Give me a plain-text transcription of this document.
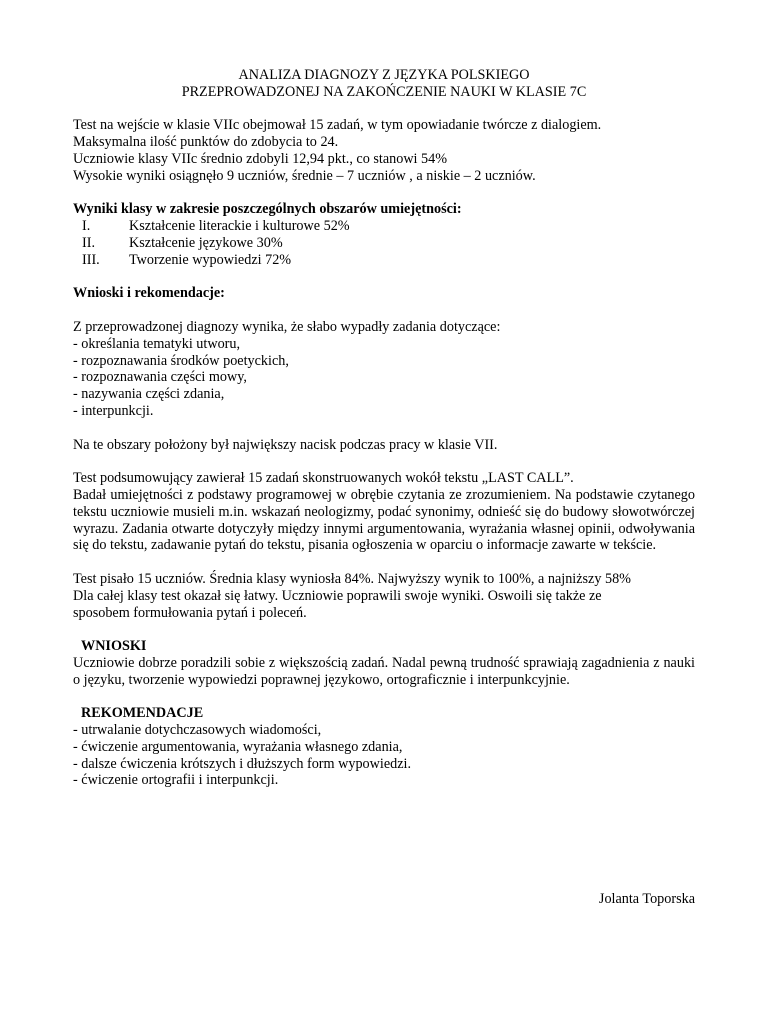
ANALIZA DIAGNOZY Z JĘZYKA POLSKIEGO
PRZEPROWADZONEJ NA ZAKOŃCZENIE NAUKI W KLASIE 7C

Test na wejście w klasie VIIc obejmował 15 zadań, w tym opowiadanie twórcze z dialogiem.

Maksymalna ilość punktów do zdobycia to 24.

Uczniowie klasy VIIc średnio zdobyli 12,94 pkt., co stanowi 54%

Wysokie wyniki osiągnęło 9 uczniów, średnie – 7 uczniów , a niskie – 2 uczniów.

Wyniki klasy w zakresie poszczególnych obszarów umiejętności:

I.	Kształcenie literackie i kulturowe 52%
II.	Kształcenie językowe 30%
III.	Tworzenie wypowiedzi 72%

Wnioski i rekomendacje:

Z przeprowadzonej diagnozy wynika, że słabo wypadły zadania dotyczące:

- określania tematyki utworu,

- rozpoznawania środków poetyckich,

- rozpoznawania części mowy,

- nazywania części zdania,

- interpunkcji.

Na te obszary położony był największy nacisk podczas pracy w klasie VII.

Test podsumowujący zawierał 15 zadań skonstruowanych wokół tekstu „LAST CALL”.

Badał umiejętności z podstawy programowej w obrębie czytania ze zrozumieniem. Na podstawie czytanego tekstu uczniowie musieli m.in. wskazań neologizmy, podać synonimy, odnieść się do budowy słowotwórczej wyrazu. Zadania otwarte dotyczyły między innymi argumentowania, wyrażania własnej opinii, odwoływania się do tekstu, zadawanie pytań do tekstu, pisania ogłoszenia w oparciu o informacje zawarte w tekście.

Test pisało 15 uczniów. Średnia klasy wyniosła 84%. Najwyższy wynik to 100%, a najniższy 58%

Dla całej klasy test okazał się łatwy. Uczniowie poprawili swoje wyniki. Oswoili się także ze

sposobem formułowania pytań i poleceń.

WNIOSKI

Uczniowie dobrze poradzili sobie z większością zadań. Nadal pewną trudność sprawiają zagadnienia z nauki o języku, tworzenie wypowiedzi poprawnej językowo, ortograficznie i interpunkcyjnie.

REKOMENDACJE

- utrwalanie dotychczasowych wiadomości,

- ćwiczenie argumentowania, wyrażania własnego zdania,

- dalsze ćwiczenia krótszych i dłuższych form wypowiedzi.

- ćwiczenie ortografii i interpunkcji.

Jolanta Toporska
